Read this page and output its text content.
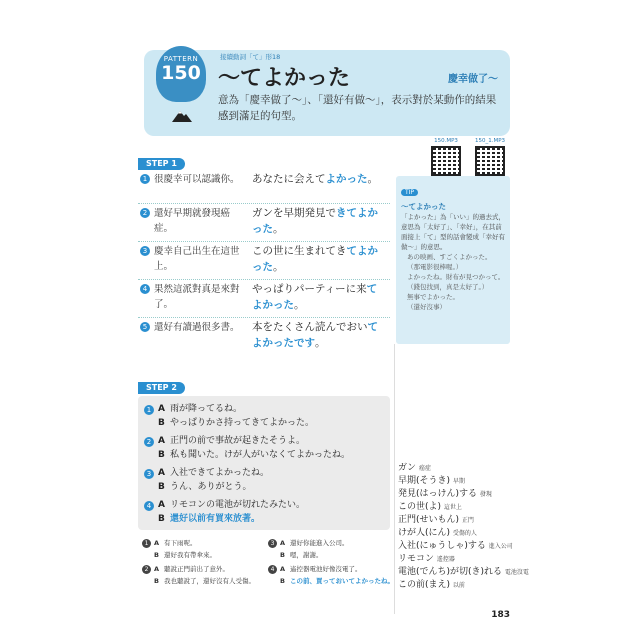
PATTERN
150
接續動詞「て」形18
〜てよかった	慶幸做了〜
意為「慶幸做了〜」、「還好有做〜」，表示對於某動作的結果感到滿足的句型。
150.MP3	150_1.MP3
STEP 1
1 很慶幸可以認識你。	あなたに会えてよかった。
2 還好早期就發現癌症。
ガンを早期発見できてよかった。
3 慶幸自己出生在這世上。
この世に生まれてきてよかった。
4 果然這派對真是來對了。
やっぱりパーティーに来てよかった。
5 還好有讀過很多書。	本をたくさん読んでおいてよかったです。
TIP
〜てよかった

「よかった」為「いい」的過去式，意思為「太好了」、「幸好」，在其前面接上「て」型的話會變成「幸好有做〜」的意思。

あの映画、すごくよかった。

（那電影很棒喔。）

よかったね。財布が見つかって。

（錢包找到，真是太好了。）

無事でよかった。

（還好沒事）

STEP 2
1 A 雨が降ってるね。
B やっぱりかさ持ってきてよかった。
2 A 正門の前で事故が起きたそうよ。
B 私も聞いた。けが人がいなくてよかったね。
3 A 入社できてよかったね。
B うん、ありがとう。
4 A リモコンの電池が切れたみたい。
B 還好以前有買來放著。
1 A 有下雨呢。
B 還好我有帶傘來。
2 A 聽說正門前出了意外。
B 我也聽說了，還好沒有人受傷。
3 A 還好你能進入公司。
B 嗯，謝謝。
4 A 遙控器電池好像沒電了。
B この前、買っておいてよかったね。
ガン 癌症
早期(そうき) 早期
発見(はっけん)する 發現
この世(よ) 這世上
正門(せいもん) 正門
けが人(にん) 受傷的人
入社(にゅうしゃ)する 進入公司
リモコン 遙控器
電池(でんち)が切(き)れる 電池沒電
この前(まえ) 以前
183
